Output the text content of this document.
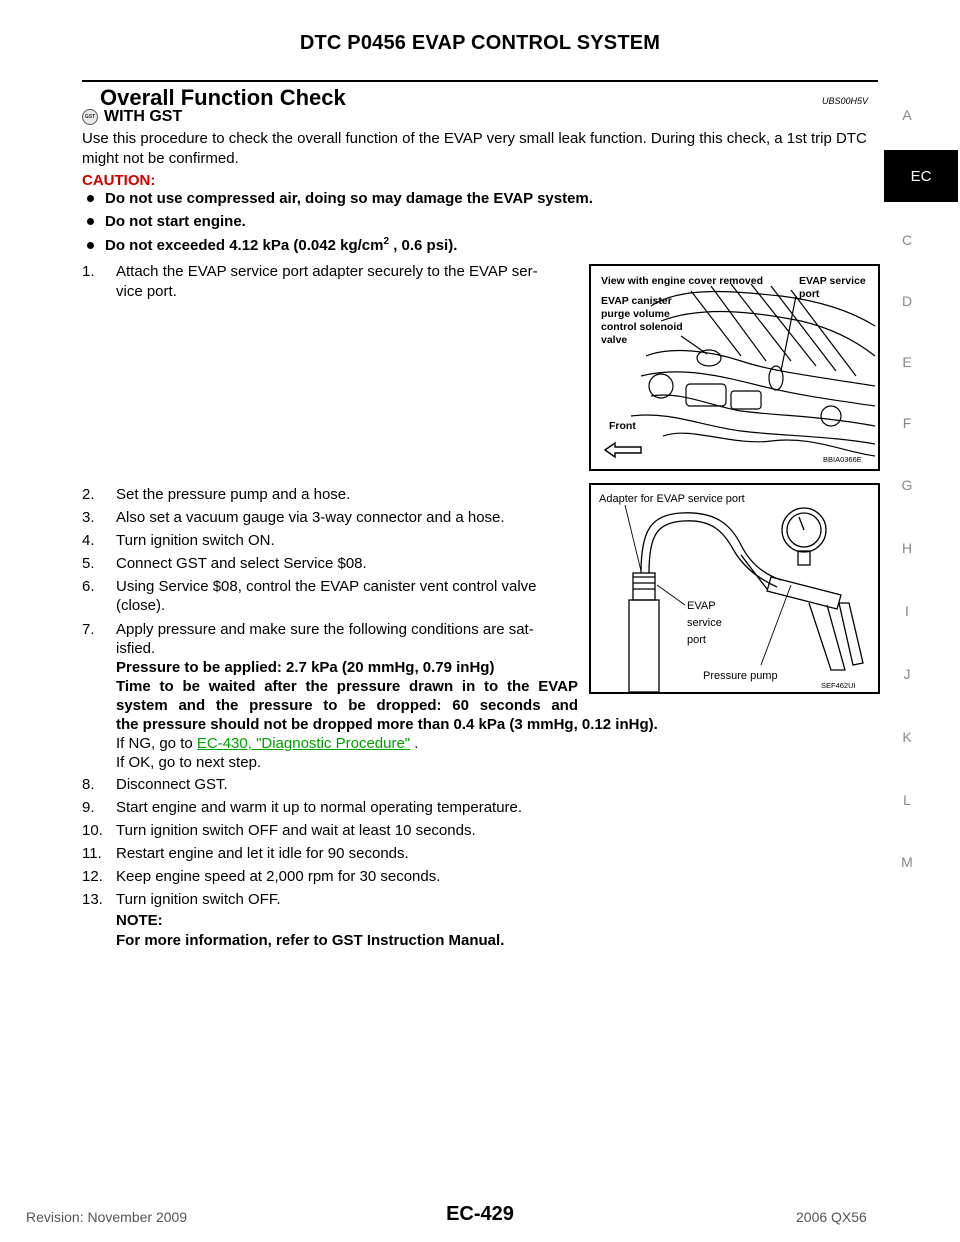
DTC P0456 EVAP CONTROL SYSTEM
Overall Function Check	UBS00H5V
GST WITH GST
Use this procedure to check the overall function of the EVAP very small leak function. During this check, a 1st trip DTC might not be confirmed.
CAUTION:
Do not use compressed air, doing so may damage the EVAP system.
Do not start engine.
Do not exceeded 4.12 kPa (0.042 $kg/cm^2$ , 0.6 psi).
1. Attach the EVAP service port adapter securely to the EVAP ser-
vice port.
2. Set the pressure pump and a hose.
3. Also set a vacuum gauge via 3-way connector and a hose.
4. Turn ignition switch ON.
5. Connect GST and select Service $08.
6. Using Service $08, control the EVAP canister vent control valve
(close).
7. Apply pressure and make sure the following conditions are sat-
isfied.
Pressure to be applied: 2.7 kPa (20 mmHg, 0.79 inHg)
Time to be waited after the pressure drawn in to the EVAP
system and the pressure to be dropped: 60 seconds and
the pressure should not be dropped more than 0.4 kPa (3 mmHg, 0.12 inHg).
If NG, go to EC-430, "Diagnostic Procedure" .
If OK, go to next step.
8. Disconnect GST.
9. Start engine and warm it up to normal operating temperature.
10. Turn ignition switch OFF and wait at least 10 seconds.
11. Restart engine and let it idle for 90 seconds.
12. Keep engine speed at 2,000 rpm for 30 seconds.
13. Turn ignition switch OFF.
NOTE:
For more information, refer to GST Instruction Manual.
View with engine cover removed	EVAP service
port
EVAP canister
purge volume
control solenoid
valve
Front
BBIA0366E
Adapter for EVAP service port
EVAP
service
port
Pressure pump
SEF462UI
A
EC
C
D
E
F
G
H
I
J
K
L
M
Revision: November 2009	EC-429	2006 QX56
